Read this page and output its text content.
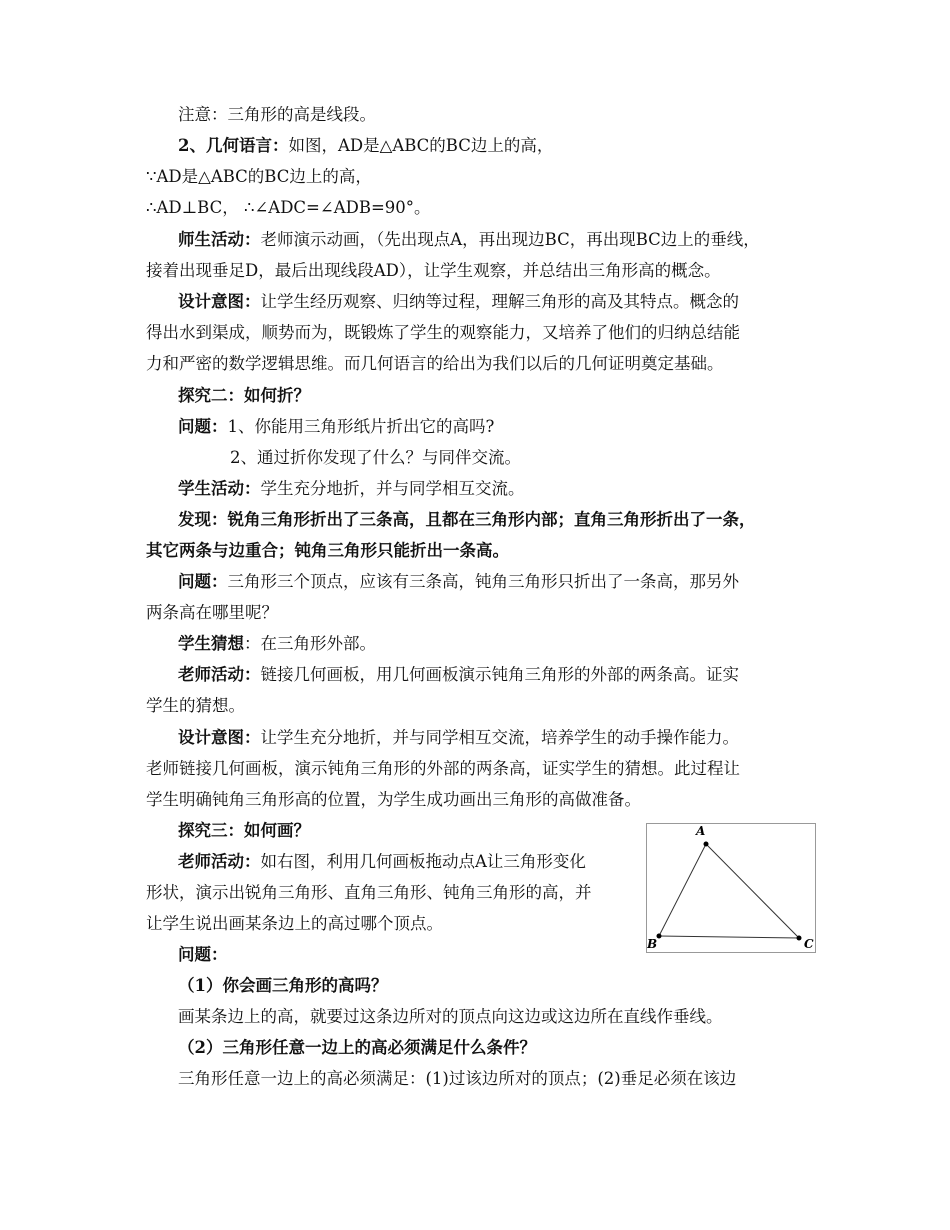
注意：三角形的高是线段。
2、几何语言：如图，AD是△ABC的BC边上的高，
∵AD是△ABC的BC边上的高，
∴AD⊥BC， ∴∠ADC=∠ADB=90°。
师生活动：老师演示动画，（先出现点A，再出现边BC，再出现BC边上的垂线，
接着出现垂足D，最后出现线段AD），让学生观察，并总结出三角形高的概念。
设计意图：让学生经历观察、归纳等过程，理解三角形的高及其特点。概念的
得出水到渠成，顺势而为，既锻炼了学生的观察能力，又培养了他们的归纳总结能
力和严密的数学逻辑思维。而几何语言的给出为我们以后的几何证明奠定基础。
探究二：如何折？
问题：1、你能用三角形纸片折出它的高吗?
2、通过折你发现了什么？与同伴交流。
学生活动：学生充分地折，并与同学相互交流。
发现：锐角三角形折出了三条高，且都在三角形内部；直角三角形折出了一条，
其它两条与边重合；钝角三角形只能折出一条高。
问题：三角形三个顶点，应该有三条高，钝角三角形只折出了一条高，那另外
两条高在哪里呢？
学生猜想：在三角形外部。
老师活动：链接几何画板，用几何画板演示钝角三角形的外部的两条高。证实
学生的猜想。
设计意图：让学生充分地折，并与同学相互交流，培养学生的动手操作能力。
老师链接几何画板，演示钝角三角形的外部的两条高，证实学生的猜想。此过程让
学生明确钝角三角形高的位置，为学生成功画出三角形的高做准备。
探究三：如何画？
老师活动：如右图，利用几何画板拖动点A让三角形变化
形状，演示出锐角三角形、直角三角形、钝角三角形的高，并
让学生说出画某条边上的高过哪个顶点。
问题：
（1）你会画三角形的高吗？
画某条边上的高，就要过这条边所对的顶点向这边或这边所在直线作垂线。
（2）三角形任意一边上的高必须满足什么条件？
三角形任意一边上的高必须满足：(1)过该边所对的顶点；(2)垂足必须在该边
A
B	C
